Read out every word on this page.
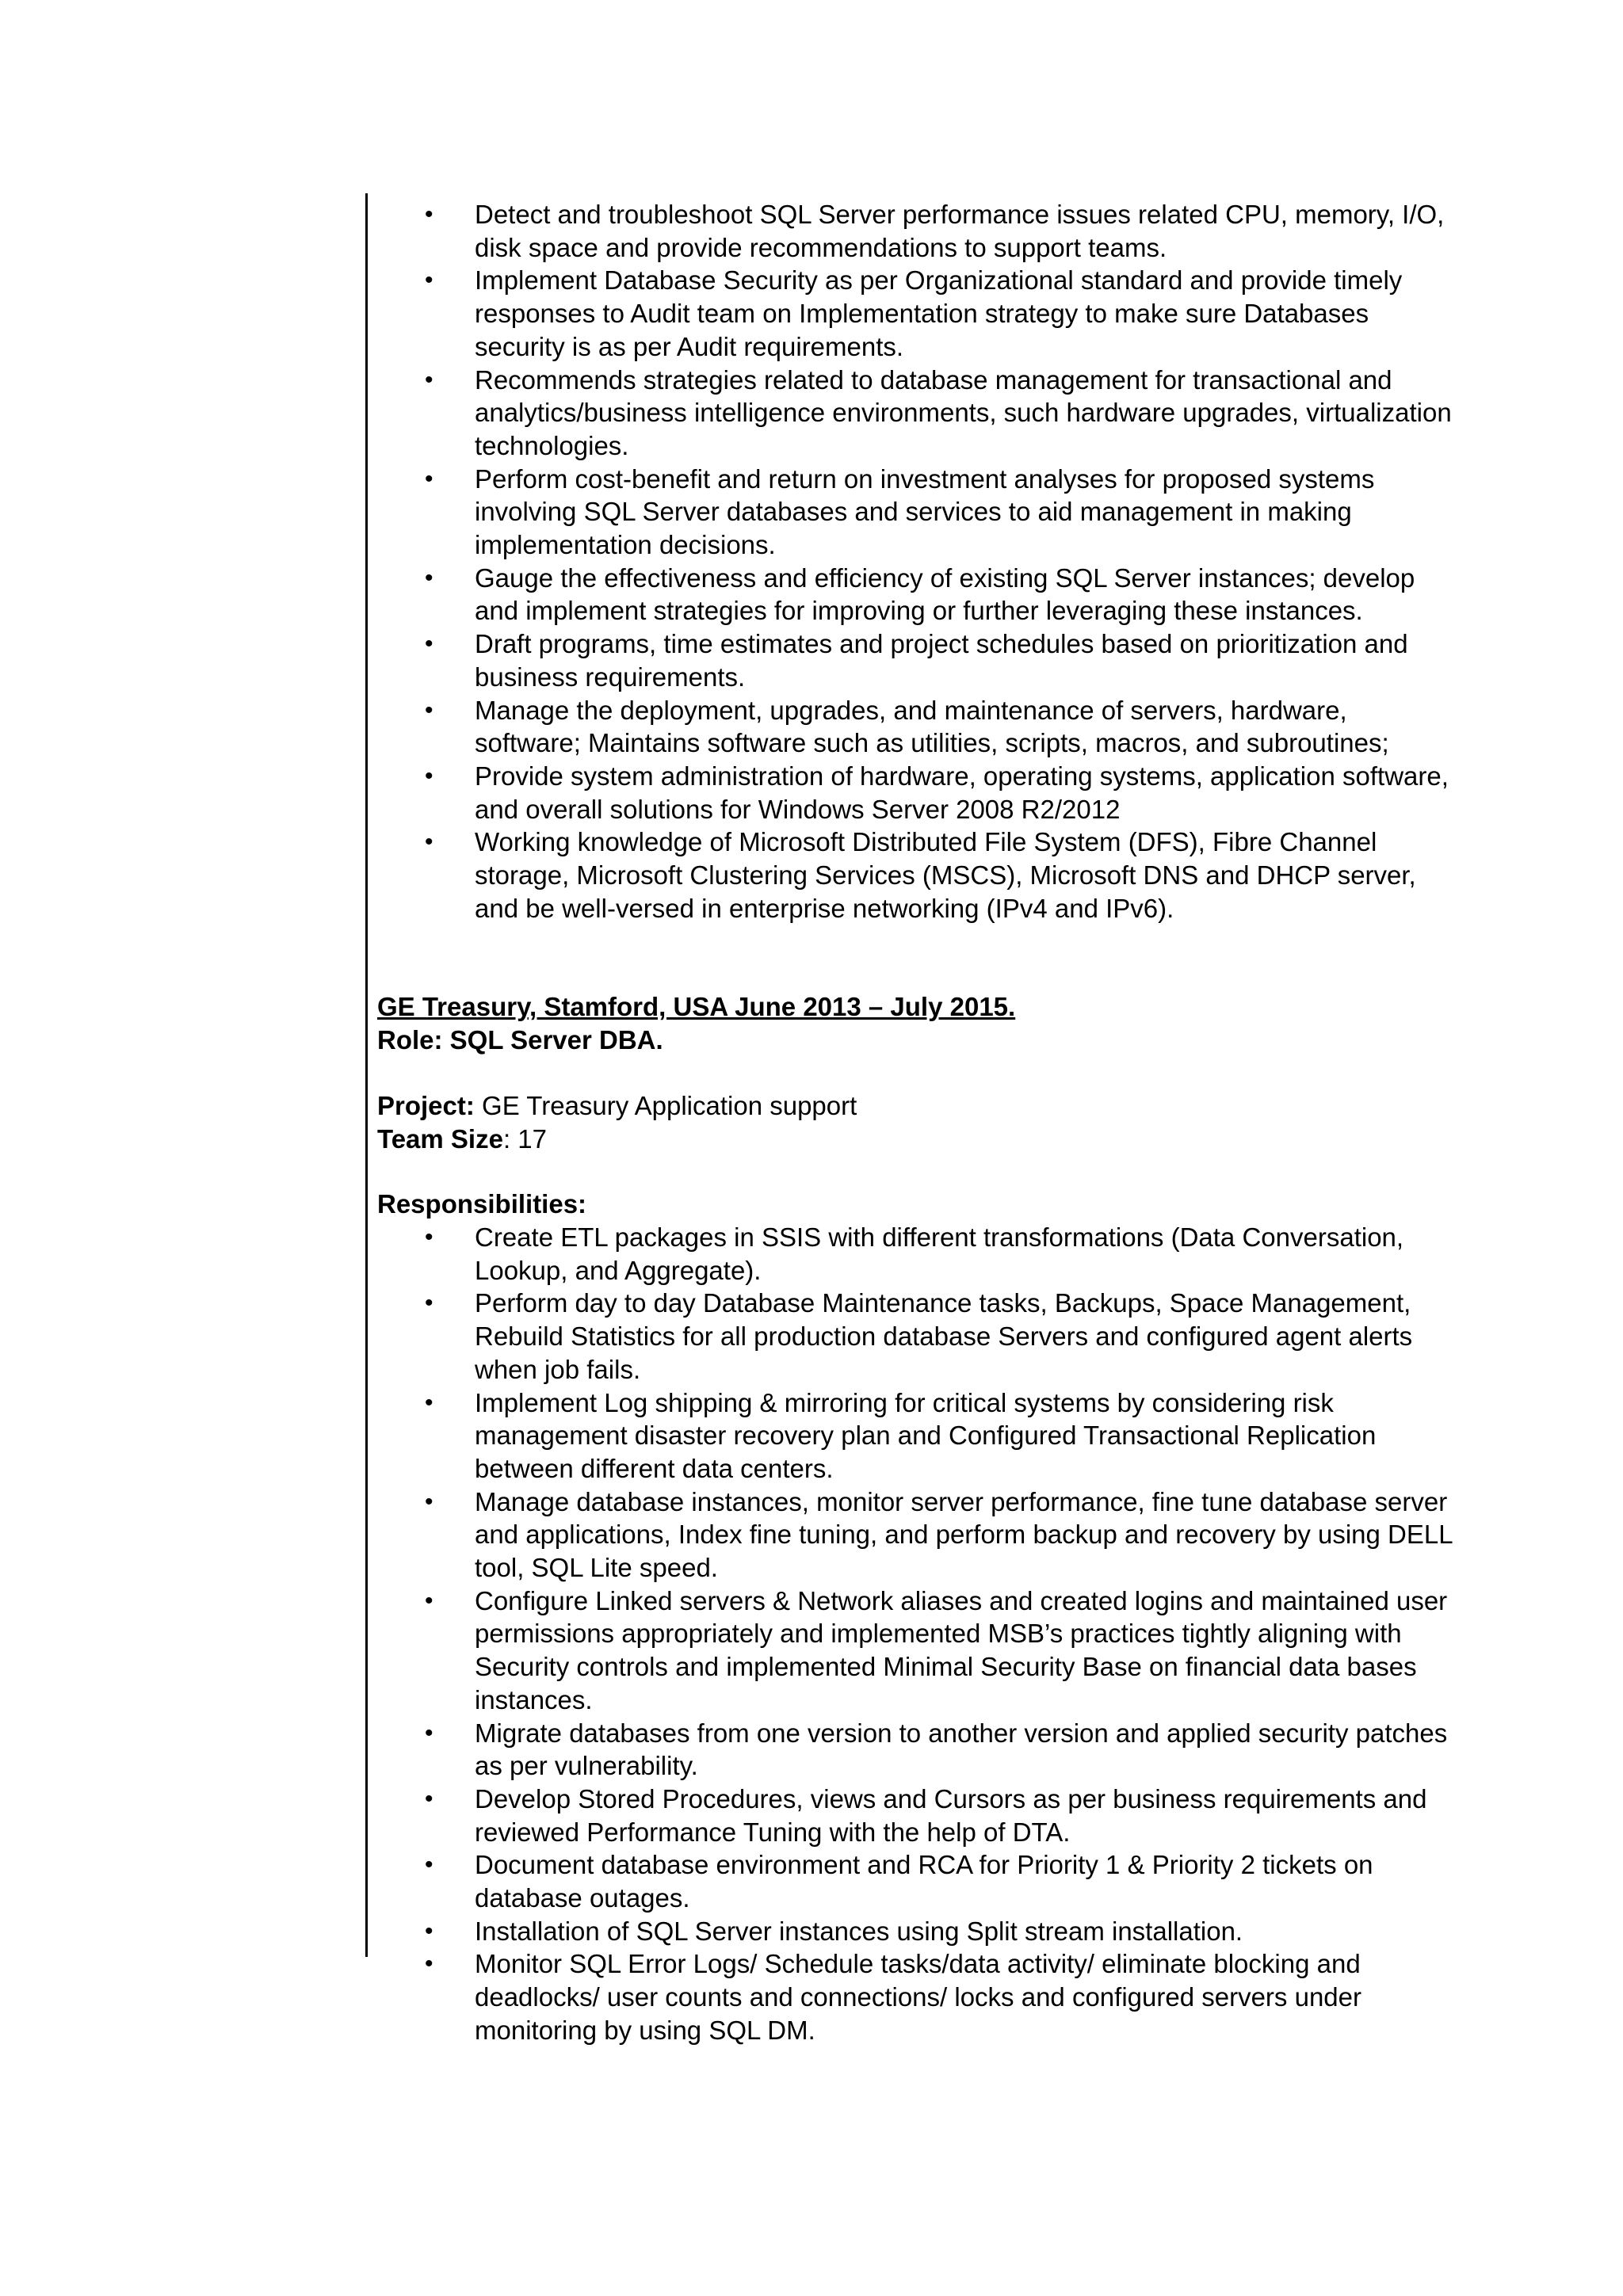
• Detect and troubleshoot SQL Server performance issues related CPU, memory, I/O, disk space and provide recommendations to support teams.
• Implement Database Security as per Organizational standard and provide timely responses to Audit team on Implementation strategy to make sure Databases security is as per Audit requirements.
• Recommends strategies related to database management for transactional and analytics/business intelligence environments, such hardware upgrades, virtualization technologies.
• Perform cost-benefit and return on investment analyses for proposed systems involving SQL Server databases and services to aid management in making implementation decisions.
• Gauge the effectiveness and efficiency of existing SQL Server instances; develop and implement strategies for improving or further leveraging these instances.
• Draft programs, time estimates and project schedules based on prioritization and business requirements.
• Manage the deployment, upgrades, and maintenance of servers, hardware, software; Maintains software such as utilities, scripts, macros, and subroutines;
• Provide system administration of hardware, operating systems, application software, and overall solutions for Windows Server 2008 R2/2012
• Working knowledge of Microsoft Distributed File System (DFS), Fibre Channel storage, Microsoft Clustering Services (MSCS), Microsoft DNS and DHCP server, and be well-versed in enterprise networking (IPv4 and IPv6).
GE Treasury, Stamford, USA June 2013 – July 2015.
Role: SQL Server DBA.
Project: GE Treasury Application support
Team Size: 17
Responsibilities:
• Create ETL packages in SSIS with different transformations (Data Conversation, Lookup, and Aggregate).
• Perform day to day Database Maintenance tasks, Backups, Space Management, Rebuild Statistics for all production database Servers and configured agent alerts when job fails.
• Implement Log shipping & mirroring for critical systems by considering risk management disaster recovery plan and Configured Transactional Replication between different data centers.
• Manage database instances, monitor server performance, fine tune database server and applications, Index fine tuning, and perform backup and recovery by using DELL tool, SQL Lite speed.
• Configure Linked servers & Network aliases and created logins and maintained user permissions appropriately and implemented MSB’s practices tightly aligning with Security controls and implemented Minimal Security Base on financial data bases instances.
• Migrate databases from one version to another version and applied security patches as per vulnerability.
• Develop Stored Procedures, views and Cursors as per business requirements and reviewed Performance Tuning with the help of DTA.
• Document database environment and RCA for Priority 1 & Priority 2 tickets on database outages.
• Installation of SQL Server instances using Split stream installation.
• Monitor SQL Error Logs/ Schedule tasks/data activity/ eliminate blocking and deadlocks/ user counts and connections/ locks and configured servers under monitoring by using SQL DM.
